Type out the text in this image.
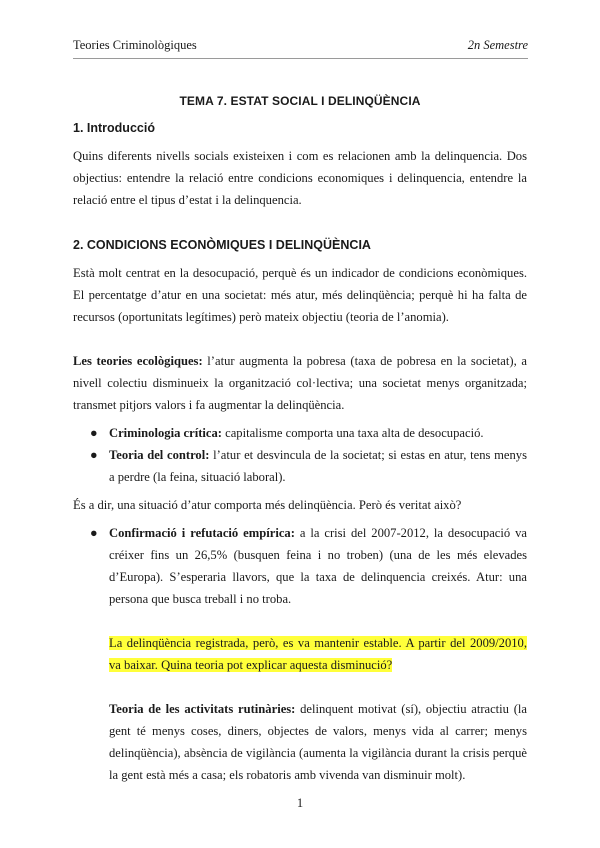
Teories Criminològiques	2n Semestre
TEMA 7. ESTAT SOCIAL I DELINQÜÈNCIA
1. Introducció

Quins diferents nivells socials existeixen i com es relacionen amb la delinquencia. Dos objectius: entendre la relació entre condicions economiques i delinquencia, entendre la relació entre el tipus d’estat i la delinquencia.

2. CONDICIONS ECONÒMIQUES I DELINQÜÈNCIA

Està molt centrat en la desocupació, perquè és un indicador de condicions econòmiques. El percentatge d’atur en una societat: més atur, més delinqüència; perquè hi ha falta de recursos (oportunitats legítimes) però mateix objectiu (teoria de l’anomia).

Les teories ecològiques: l’atur augmenta la pobresa (taxa de pobresa en la societat), a nivell colectiu disminueix la organització col·lectiva; una societat menys organitzada; transmet pitjors valors i fa augmentar la delinqüència.

● Criminologia crítica: capitalisme comporta una taxa alta de desocupació.
● Teoria del control: l’atur et desvincula de la societat; si estas en atur, tens menys a perdre (la feina, situació laboral).

És a dir, una situació d’atur comporta més delinqüència. Però és veritat això?

● Confirmació i refutació empírica: a la crisi del 2007-2012, la desocupació va créixer fins un 26,5% (busquen feina i no troben) (una de les més elevades d’Europa). S’esperaria llavors, que la taxa de delinquencia creixés. Atur: una persona que busca treball i no troba.

La delinqüència registrada, però, es va mantenir estable. A partir del 2009/2010, va baixar. Quina teoria pot explicar aquesta disminució?

Teoria de les activitats rutinàries: delinquent motivat (sí), objectiu atractiu (la gent té menys coses, diners, objectes de valors, menys vida al carrer; menys delinqüència), absència de vigilància (aumenta la vigilància durant la crisis perquè la gent està més a casa; els robatoris amb vivenda van disminuir molt).

1
